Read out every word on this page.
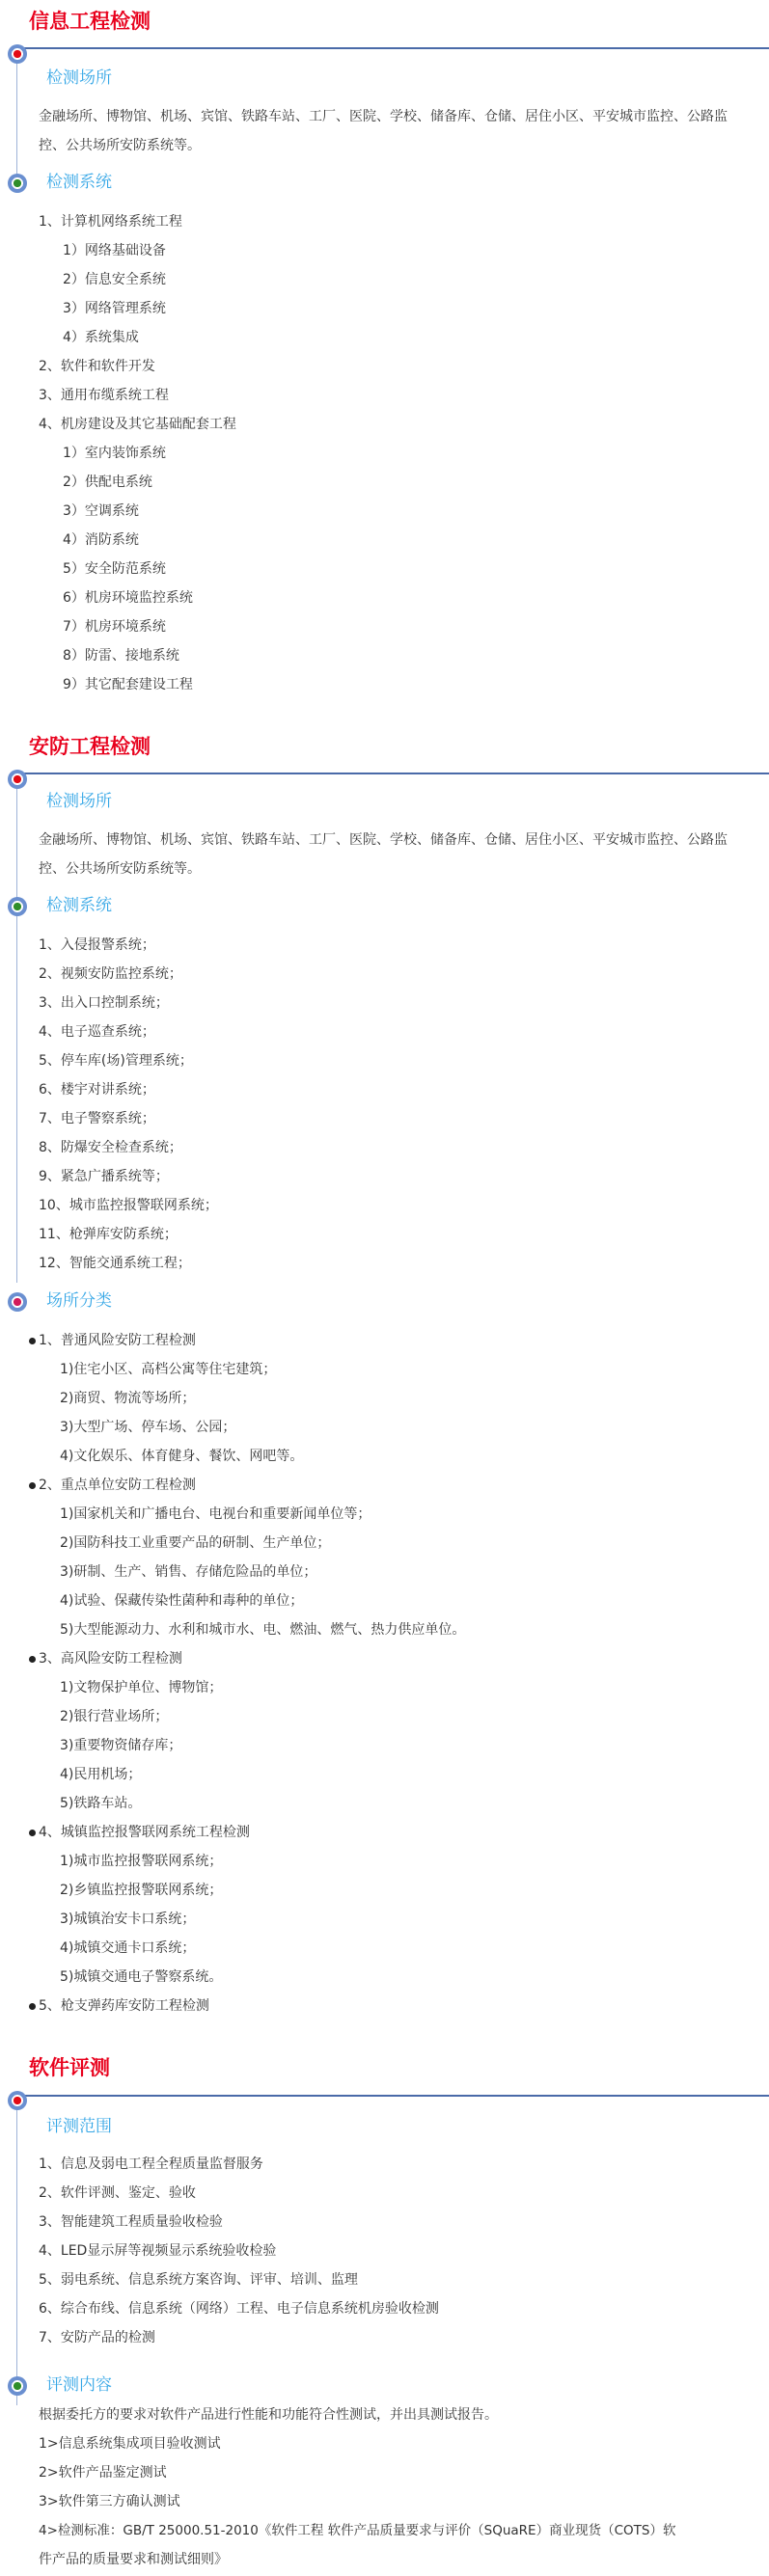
信息工程检测
检测场所
金融场所、博物馆、机场、宾馆、铁路车站、工厂、医院、学校、储备库、仓储、居住小区、平安城市监控、公路监控、公共场所安防系统等。
检测系统
1、计算机网络系统工程
1）网络基础设备
2）信息安全系统
3）网络管理系统
4）系统集成
2、软件和软件开发
3、通用布缆系统工程
4、机房建设及其它基础配套工程
1）室内装饰系统
2）供配电系统
3）空调系统
4）消防系统
5）安全防范系统
6）机房环境监控系统
7）机房环境系统
8）防雷、接地系统
9）其它配套建设工程
安防工程检测
检测场所
金融场所、博物馆、机场、宾馆、铁路车站、工厂、医院、学校、储备库、仓储、居住小区、平安城市监控、公路监控、公共场所安防系统等。
检测系统
1、入侵报警系统；
2、视频安防监控系统；
3、出入口控制系统；
4、电子巡查系统；
5、停车库(场)管理系统；
6、楼宇对讲系统；
7、电子警察系统；
8、防爆安全检查系统；
9、紧急广播系统等；
10、城市监控报警联网系统；
11、枪弹库安防系统；
12、智能交通系统工程；
场所分类
1、普通风险安防工程检测
1)住宅小区、高档公寓等住宅建筑；
2)商贸、物流等场所；
3)大型广场、停车场、公园；
4)文化娱乐、体育健身、餐饮、网吧等。
2、重点单位安防工程检测
1)国家机关和广播电台、电视台和重要新闻单位等；
2)国防科技工业重要产品的研制、生产单位；
3)研制、生产、销售、存储危险品的单位；
4)试验、保藏传染性菌种和毒种的单位；
5)大型能源动力、水利和城市水、电、燃油、燃气、热力供应单位。
3、高风险安防工程检测
1)文物保护单位、博物馆；
2)银行营业场所；
3)重要物资储存库；
4)民用机场；
5)铁路车站。
4、城镇监控报警联网系统工程检测
1)城市监控报警联网系统；
2)乡镇监控报警联网系统；
3)城镇治安卡口系统；
4)城镇交通卡口系统；
5)城镇交通电子警察系统。
5、枪支弹药库安防工程检测
软件评测
评测范围
1、信息及弱电工程全程质量监督服务
2、软件评测、鉴定、验收
3、智能建筑工程质量验收检验
4、LED显示屏等视频显示系统验收检验
5、弱电系统、信息系统方案咨询、评审、培训、监理
6、综合布线、信息系统（网络）工程、电子信息系统机房验收检测
7、安防产品的检测
评测内容
根据委托方的要求对软件产品进行性能和功能符合性测试，并出具测试报告。
1>信息系统集成项目验收测试
2>软件产品鉴定测试
3>软件第三方确认测试
4>检测标准：GB/T 25000.51-2010《软件工程 软件产品质量要求与评价（SQuaRE）商业现货（COTS）软
件产品的质量要求和测试细则》
